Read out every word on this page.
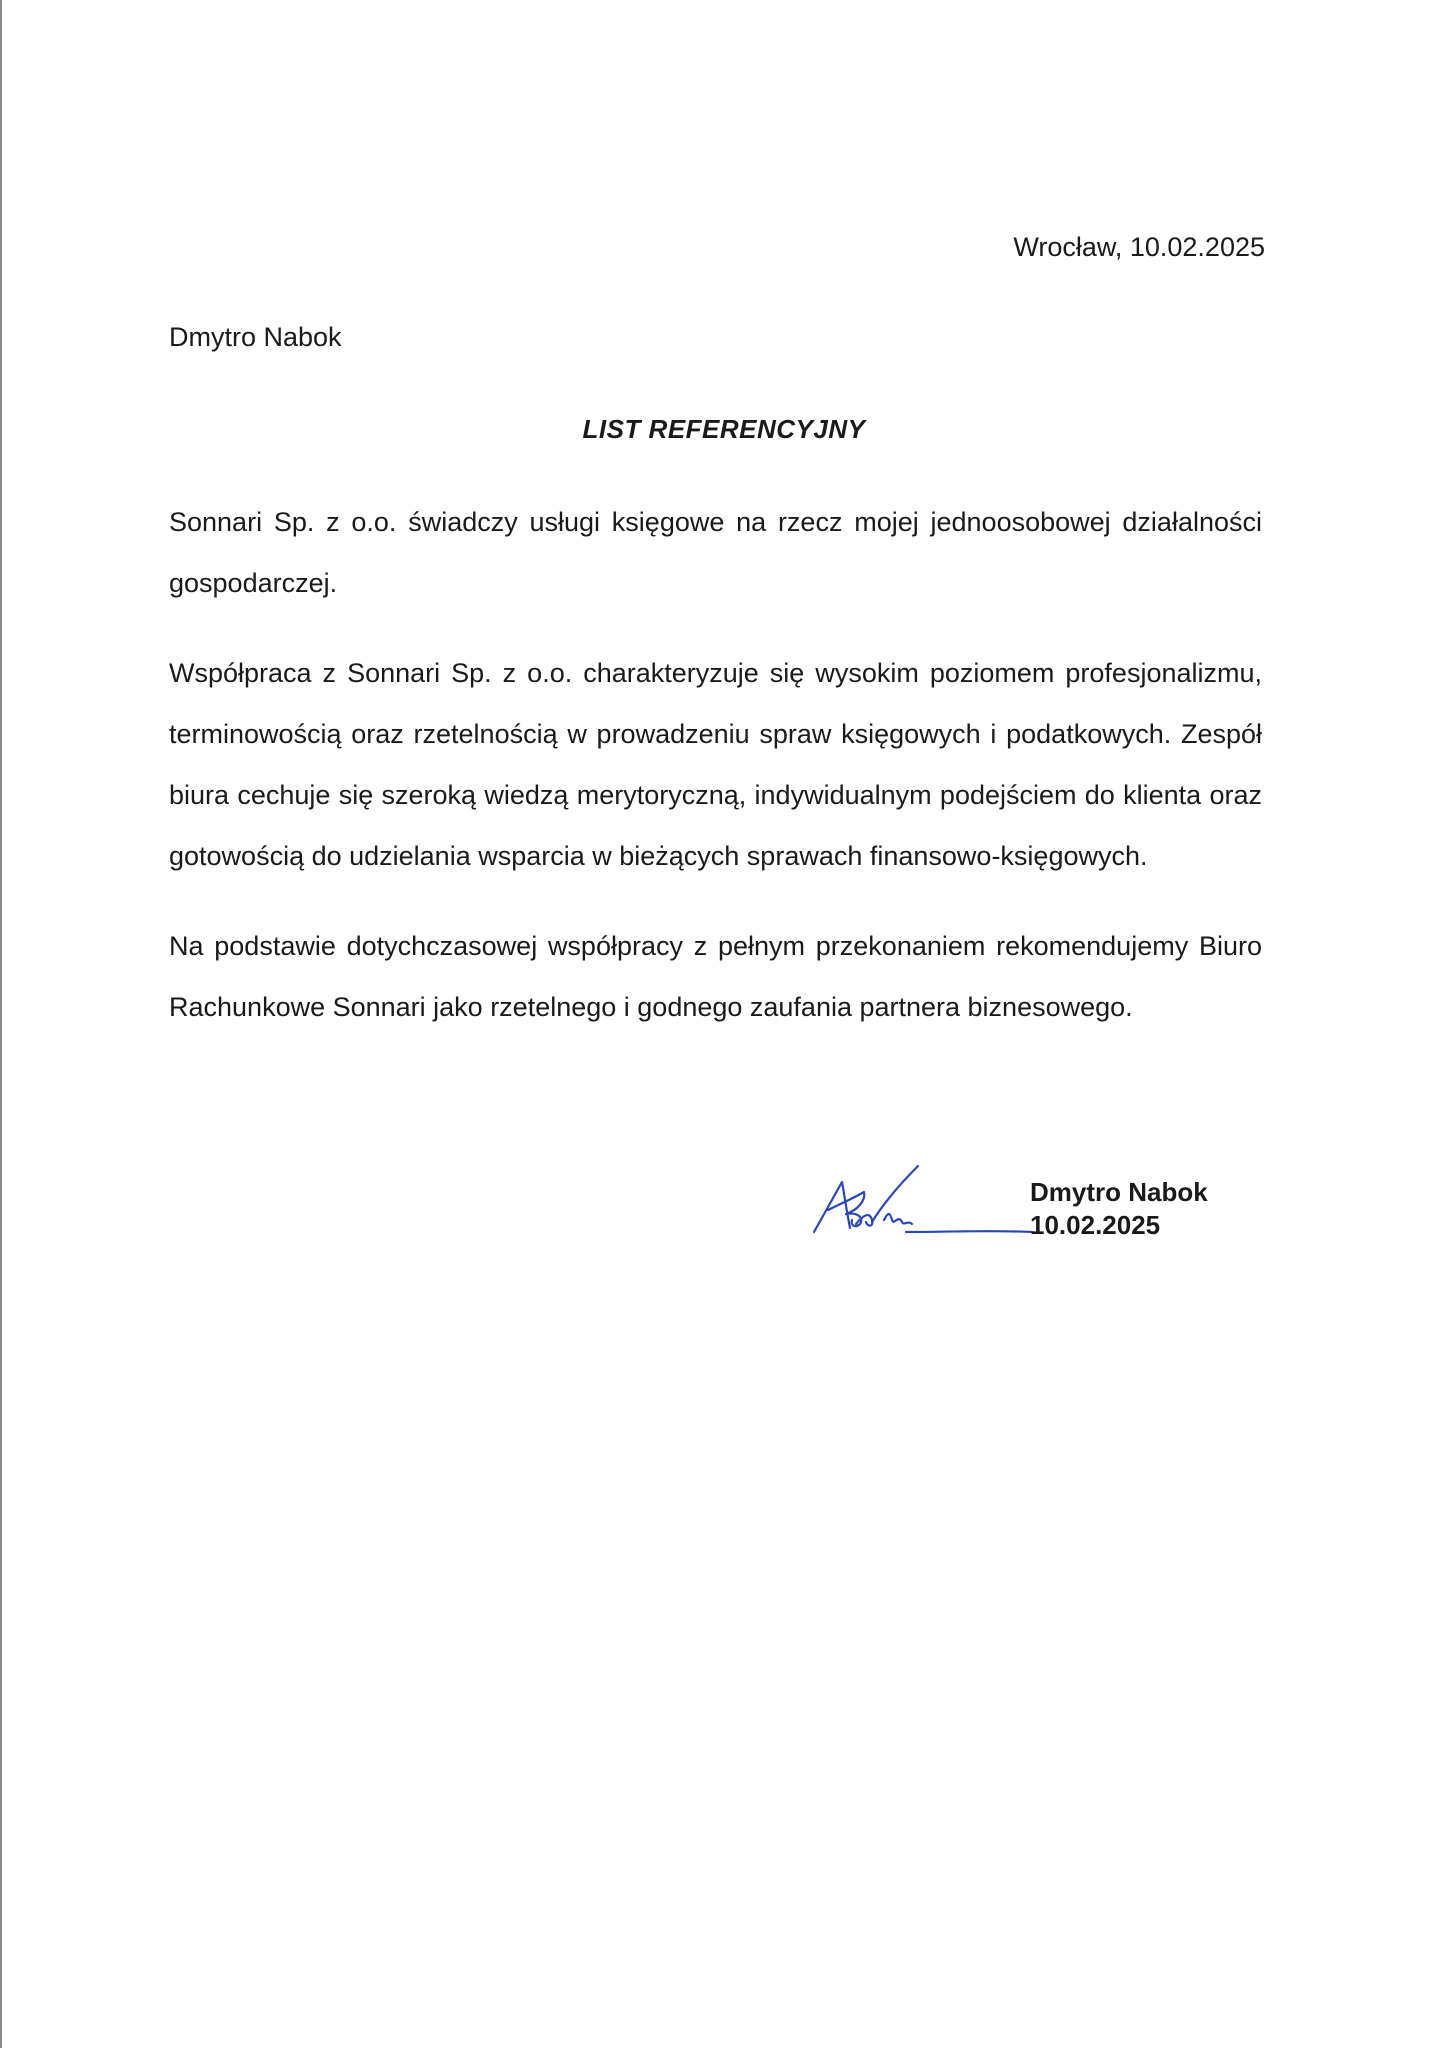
Wrocław, 10.02.2025
Dmytro Nabok
LIST REFERENCYJNY

Sonnari Sp. z o.o. świadczy usługi księgowe na rzecz mojej jednoosobowej działalności gospodarczej.

Współpraca z Sonnari Sp. z o.o. charakteryzuje się wysokim poziomem profesjonalizmu, terminowością oraz rzetelnością w prowadzeniu spraw księgowych i podatkowych. Zespół biura cechuje się szeroką wiedzą merytoryczną, indywidualnym podejściem do klienta oraz gotowością do udzielania wsparcia w bieżących sprawach finansowo-księgowych.

Na podstawie dotychczasowej współpracy z pełnym przekonaniem rekomendujemy Biuro Rachunkowe Sonnari jako rzetelnego i godnego zaufania partnera biznesowego.

Dmytro Nabok
10.02.2025
